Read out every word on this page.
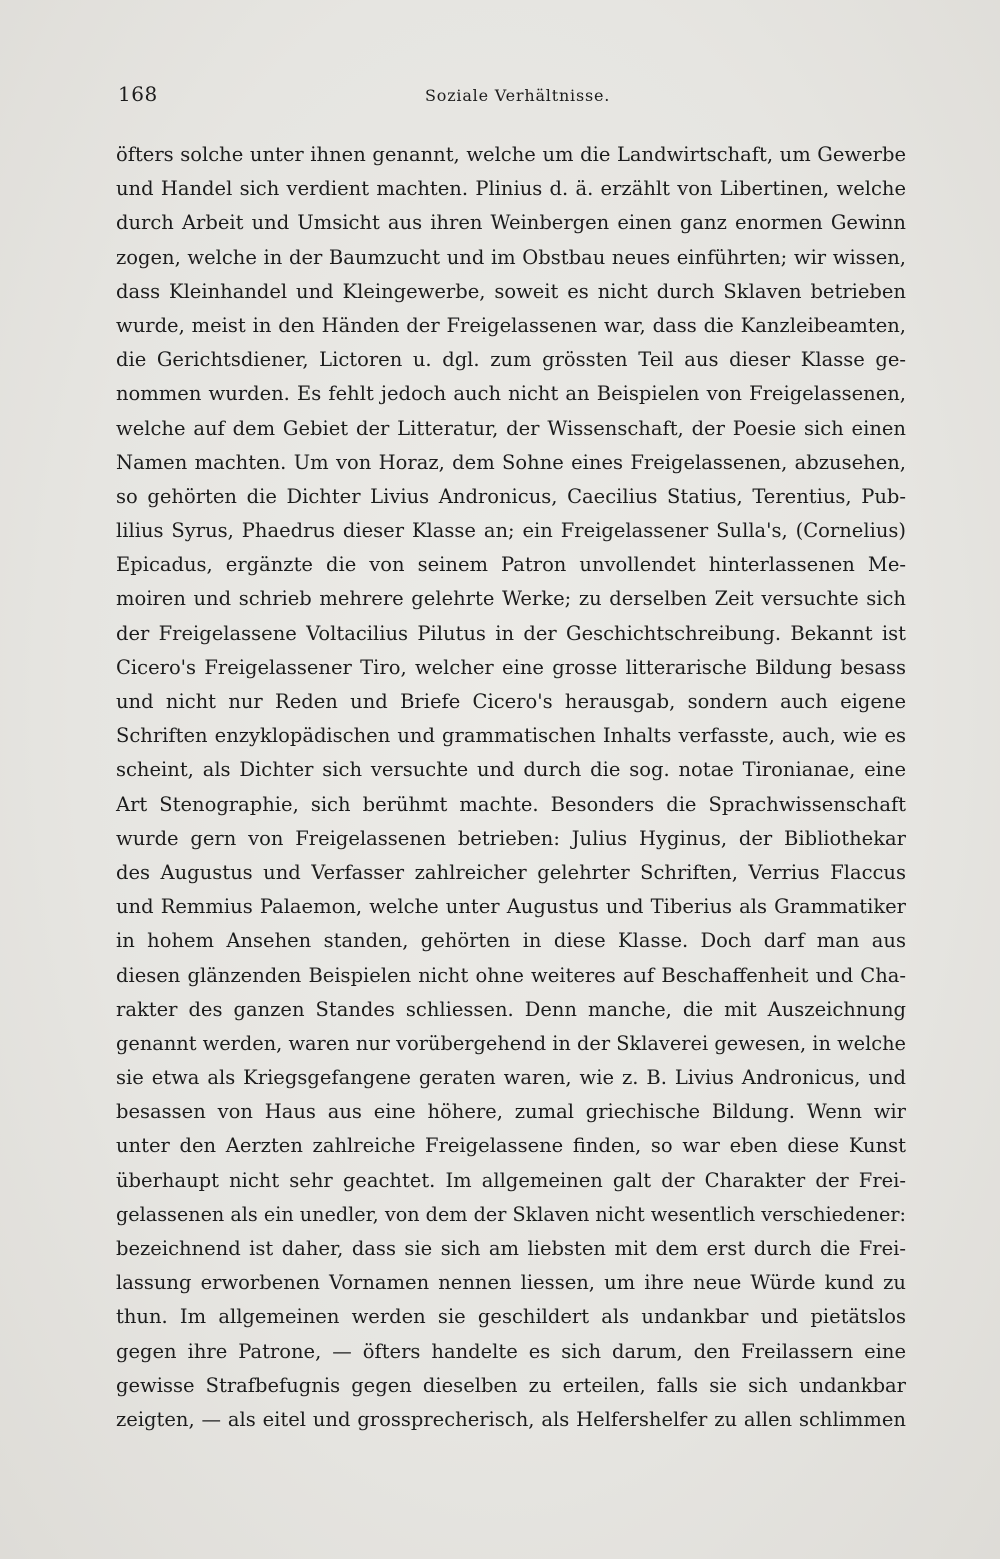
168	Soziale Verhältnisse.
öfters solche unter ihnen genannt, welche um die Landwirtschaft, um Gewerbe
und Handel sich verdient machten. Plinius d. ä. erzählt von Libertinen, welche
durch Arbeit und Umsicht aus ihren Weinbergen einen ganz enormen Gewinn
zogen, welche in der Baumzucht und im Obstbau neues einführten; wir wissen,
dass Kleinhandel und Kleingewerbe, soweit es nicht durch Sklaven betrieben
wurde, meist in den Händen der Freigelassenen war, dass die Kanzleibeamten,
die Gerichtsdiener, Lictoren u. dgl. zum grössten Teil aus dieser Klasse ge-
nommen wurden. Es fehlt jedoch auch nicht an Beispielen von Freigelassenen,
welche auf dem Gebiet der Litteratur, der Wissenschaft, der Poesie sich einen
Namen machten. Um von Horaz, dem Sohne eines Freigelassenen, abzusehen,
so gehörten die Dichter Livius Andronicus, Caecilius Statius, Terentius, Pub-
lilius Syrus, Phaedrus dieser Klasse an; ein Freigelassener Sulla's, (Cornelius)
Epicadus, ergänzte die von seinem Patron unvollendet hinterlassenen Me-
moiren und schrieb mehrere gelehrte Werke; zu derselben Zeit versuchte sich
der Freigelassene Voltacilius Pilutus in der Geschichtschreibung. Bekannt ist
Cicero's Freigelassener Tiro, welcher eine grosse litterarische Bildung besass
und nicht nur Reden und Briefe Cicero's herausgab, sondern auch eigene
Schriften enzyklopädischen und grammatischen Inhalts verfasste, auch, wie es
scheint, als Dichter sich versuchte und durch die sog. notae Tironianae, eine
Art Stenographie, sich berühmt machte. Besonders die Sprachwissenschaft
wurde gern von Freigelassenen betrieben: Julius Hyginus, der Bibliothekar
des Augustus und Verfasser zahlreicher gelehrter Schriften, Verrius Flaccus
und Remmius Palaemon, welche unter Augustus und Tiberius als Grammatiker
in hohem Ansehen standen, gehörten in diese Klasse. Doch darf man aus
diesen glänzenden Beispielen nicht ohne weiteres auf Beschaffenheit und Cha-
rakter des ganzen Standes schliessen. Denn manche, die mit Auszeichnung
genannt werden, waren nur vorübergehend in der Sklaverei gewesen, in welche
sie etwa als Kriegsgefangene geraten waren, wie z. B. Livius Andronicus, und
besassen von Haus aus eine höhere, zumal griechische Bildung. Wenn wir
unter den Aerzten zahlreiche Freigelassene finden, so war eben diese Kunst
überhaupt nicht sehr geachtet. Im allgemeinen galt der Charakter der Frei-
gelassenen als ein unedler, von dem der Sklaven nicht wesentlich verschiedener:
bezeichnend ist daher, dass sie sich am liebsten mit dem erst durch die Frei-
lassung erworbenen Vornamen nennen liessen, um ihre neue Würde kund zu
thun. Im allgemeinen werden sie geschildert als undankbar und pietätslos
gegen ihre Patrone, — öfters handelte es sich darum, den Freilassern eine
gewisse Strafbefugnis gegen dieselben zu erteilen, falls sie sich undankbar
zeigten, — als eitel und grossprecherisch, als Helfershelfer zu allen schlimmen
